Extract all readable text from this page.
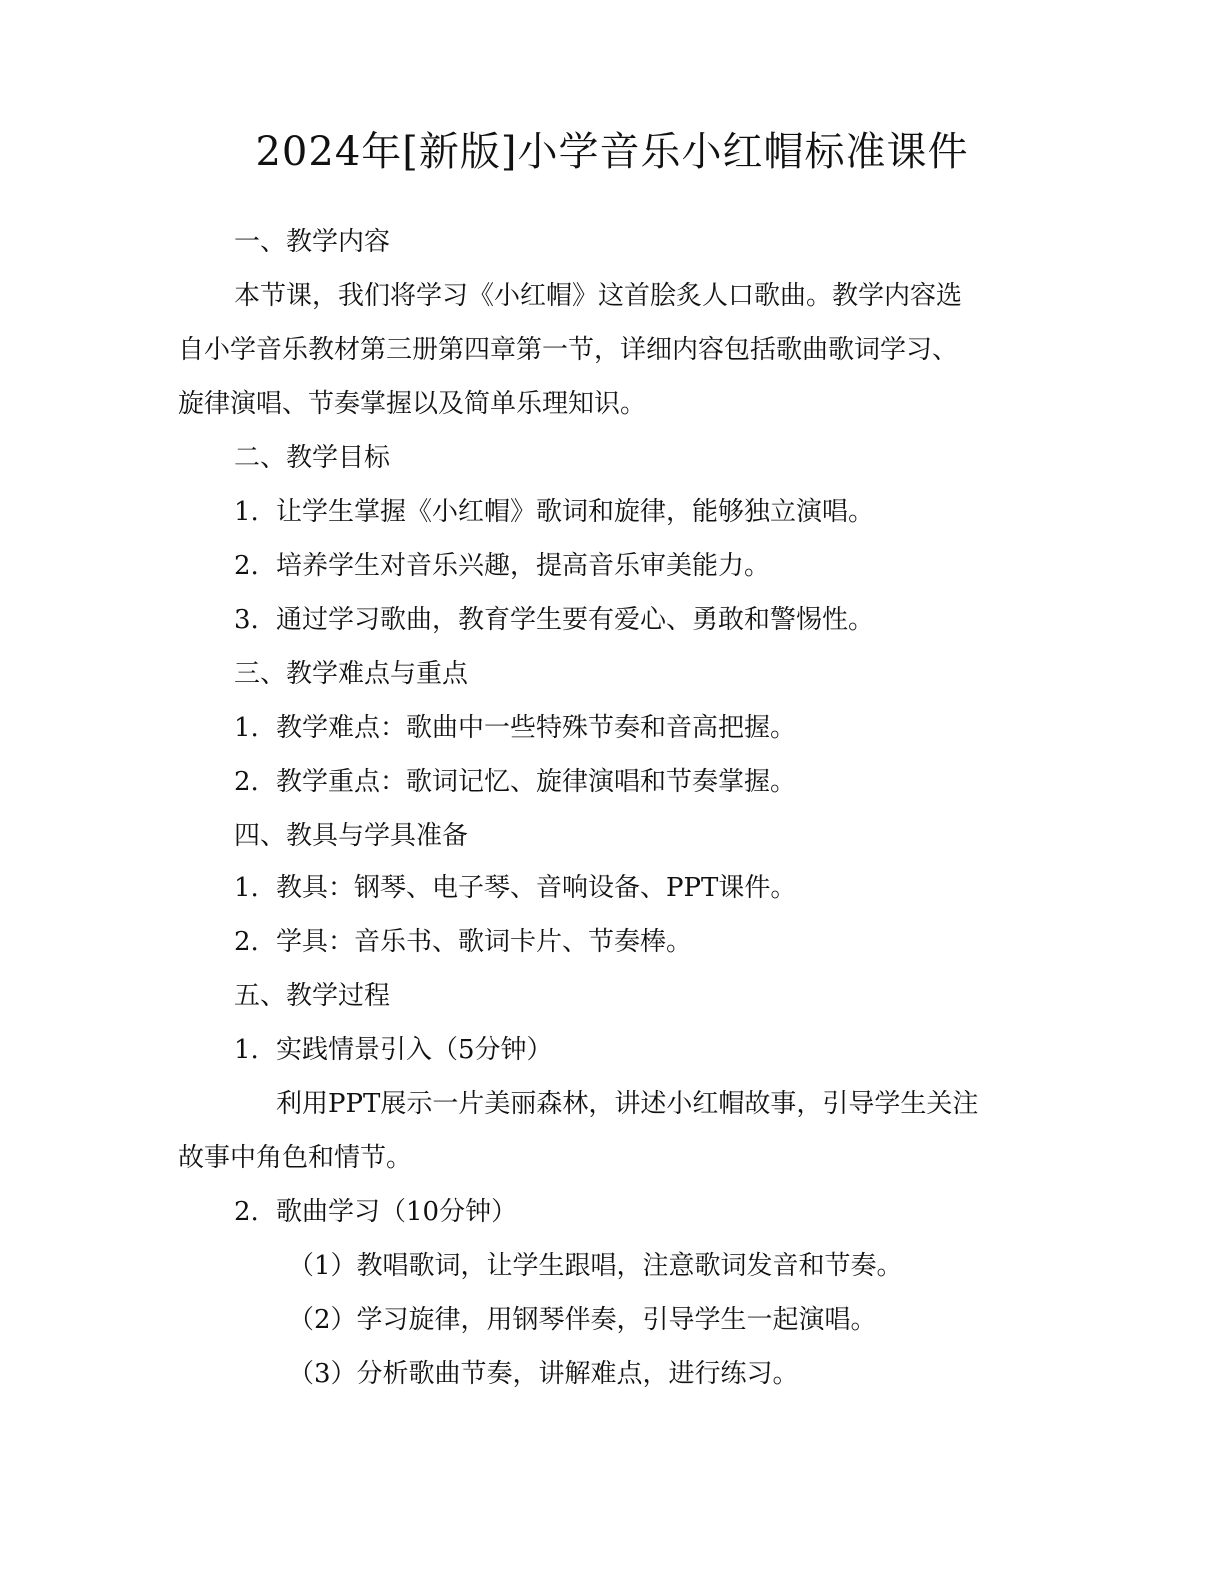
2024年[新版]小学音乐小红帽标准课件
一、教学内容
本节课，我们将学习《小红帽》这首脍炙人口歌曲。教学内容选
自小学音乐教材第三册第四章第一节，详细内容包括歌曲歌词学习、
旋律演唱、节奏掌握以及简单乐理知识。
二、教学目标
1. 让学生掌握《小红帽》歌词和旋律，能够独立演唱。
2. 培养学生对音乐兴趣，提高音乐审美能力。
3. 通过学习歌曲，教育学生要有爱心、勇敢和警惕性。
三、教学难点与重点
1. 教学难点：歌曲中一些特殊节奏和音高把握。
2. 教学重点：歌词记忆、旋律演唱和节奏掌握。
四、教具与学具准备
1. 教具：钢琴、电子琴、音响设备、PPT课件。
2. 学具：音乐书、歌词卡片、节奏棒。
五、教学过程
1. 实践情景引入（5分钟）
利用PPT展示一片美丽森林，讲述小红帽故事，引导学生关注
故事中角色和情节。
2. 歌曲学习（10分钟）
（1）教唱歌词，让学生跟唱，注意歌词发音和节奏。
（2）学习旋律，用钢琴伴奏，引导学生一起演唱。
（3）分析歌曲节奏，讲解难点，进行练习。
